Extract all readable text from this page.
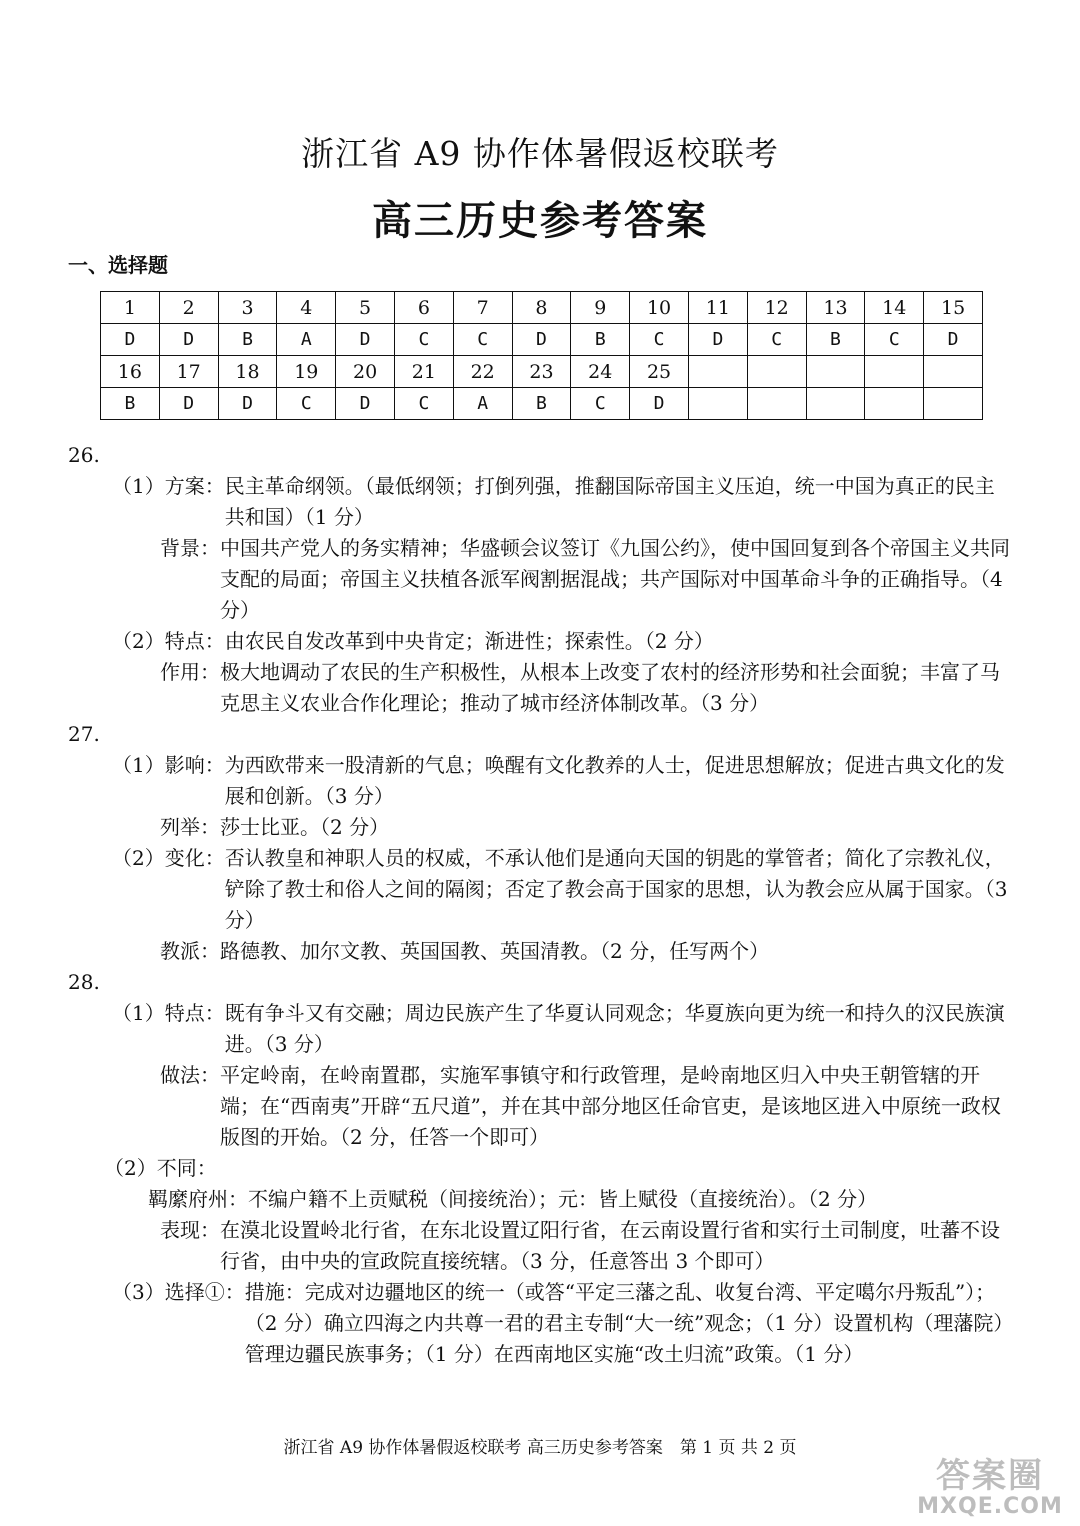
浙江省 A9 协作体暑假返校联考
高三历史参考答案
一、选择题
1	2	3	4	5	6	7	8	9	10	11	12	13	14	15
D	D	B	A	D	C	C	D	B	C	D	C	B	C	D
16	17	18	19	20	21	22	23	24	25					
B	D	D	C	D	C	A	B	C	D					
26.
（1）方案： 民主革命纲领。（最低纲领；打倒列强，推翻国际帝国主义压迫，统一中国为真正的民主共和国）（1 分）
背景： 中国共产党人的务实精神；华盛顿会议签订《九国公约》，使中国回复到各个帝国主义共同支配的局面；帝国主义扶植各派军阀割据混战；共产国际对中国革命斗争的正确指导。（4 分）
（2）特点： 由农民自发改革到中央肯定；渐进性；探索性。（2 分）
作用： 极大地调动了农民的生产积极性，从根本上改变了农村的经济形势和社会面貌；丰富了马克思主义农业合作化理论；推动了城市经济体制改革。（3 分）
27.
（1）影响： 为西欧带来一股清新的气息；唤醒有文化教养的人士，促进思想解放；促进古典文化的发展和创新。（3 分）
列举： 莎士比亚。（2 分）
（2）变化： 否认教皇和神职人员的权威，不承认他们是通向天国的钥匙的掌管者；简化了宗教礼仪，铲除了教士和俗人之间的隔阂；否定了教会高于国家的思想，认为教会应从属于国家。（3 分）
教派： 路德教、加尔文教、英国国教、英国清教。（2 分，任写两个）
28.
（1）特点： 既有争斗又有交融；周边民族产生了华夏认同观念；华夏族向更为统一和持久的汉民族演进。（3 分）
做法： 平定岭南，在岭南置郡，实施军事镇守和行政管理，是岭南地区归入中央王朝管辖的开端；在“西南夷”开辟“五尺道”，并在其中部分地区任命官吏，是该地区进入中原统一政权版图的开始。（2 分，任答一个即可）
（2）不同：
羁縻府州： 不编户籍不上贡赋税（间接统治）；元：皆上赋役（直接统治）。（2 分）
表现： 在漠北设置岭北行省，在东北设置辽阳行省，在云南设置行省和实行土司制度，吐蕃不设行省，由中央的宣政院直接统辖。（3 分，任意答出 3 个即可）
（3）选择①： 措施：完成对边疆地区的统一（或答“平定三藩之乱、收复台湾、平定噶尔丹叛乱”）；（2 分）确立四海之内共尊一君的君主专制“大一统”观念；（1 分）设置机构（理藩院）管理边疆民族事务；（1 分）在西南地区实施“改土归流”政策。（1 分）
浙江省 A9 协作体暑假返校联考 高三历史参考答案　第 1 页 共 2 页
答案圈
MXQE.COM
